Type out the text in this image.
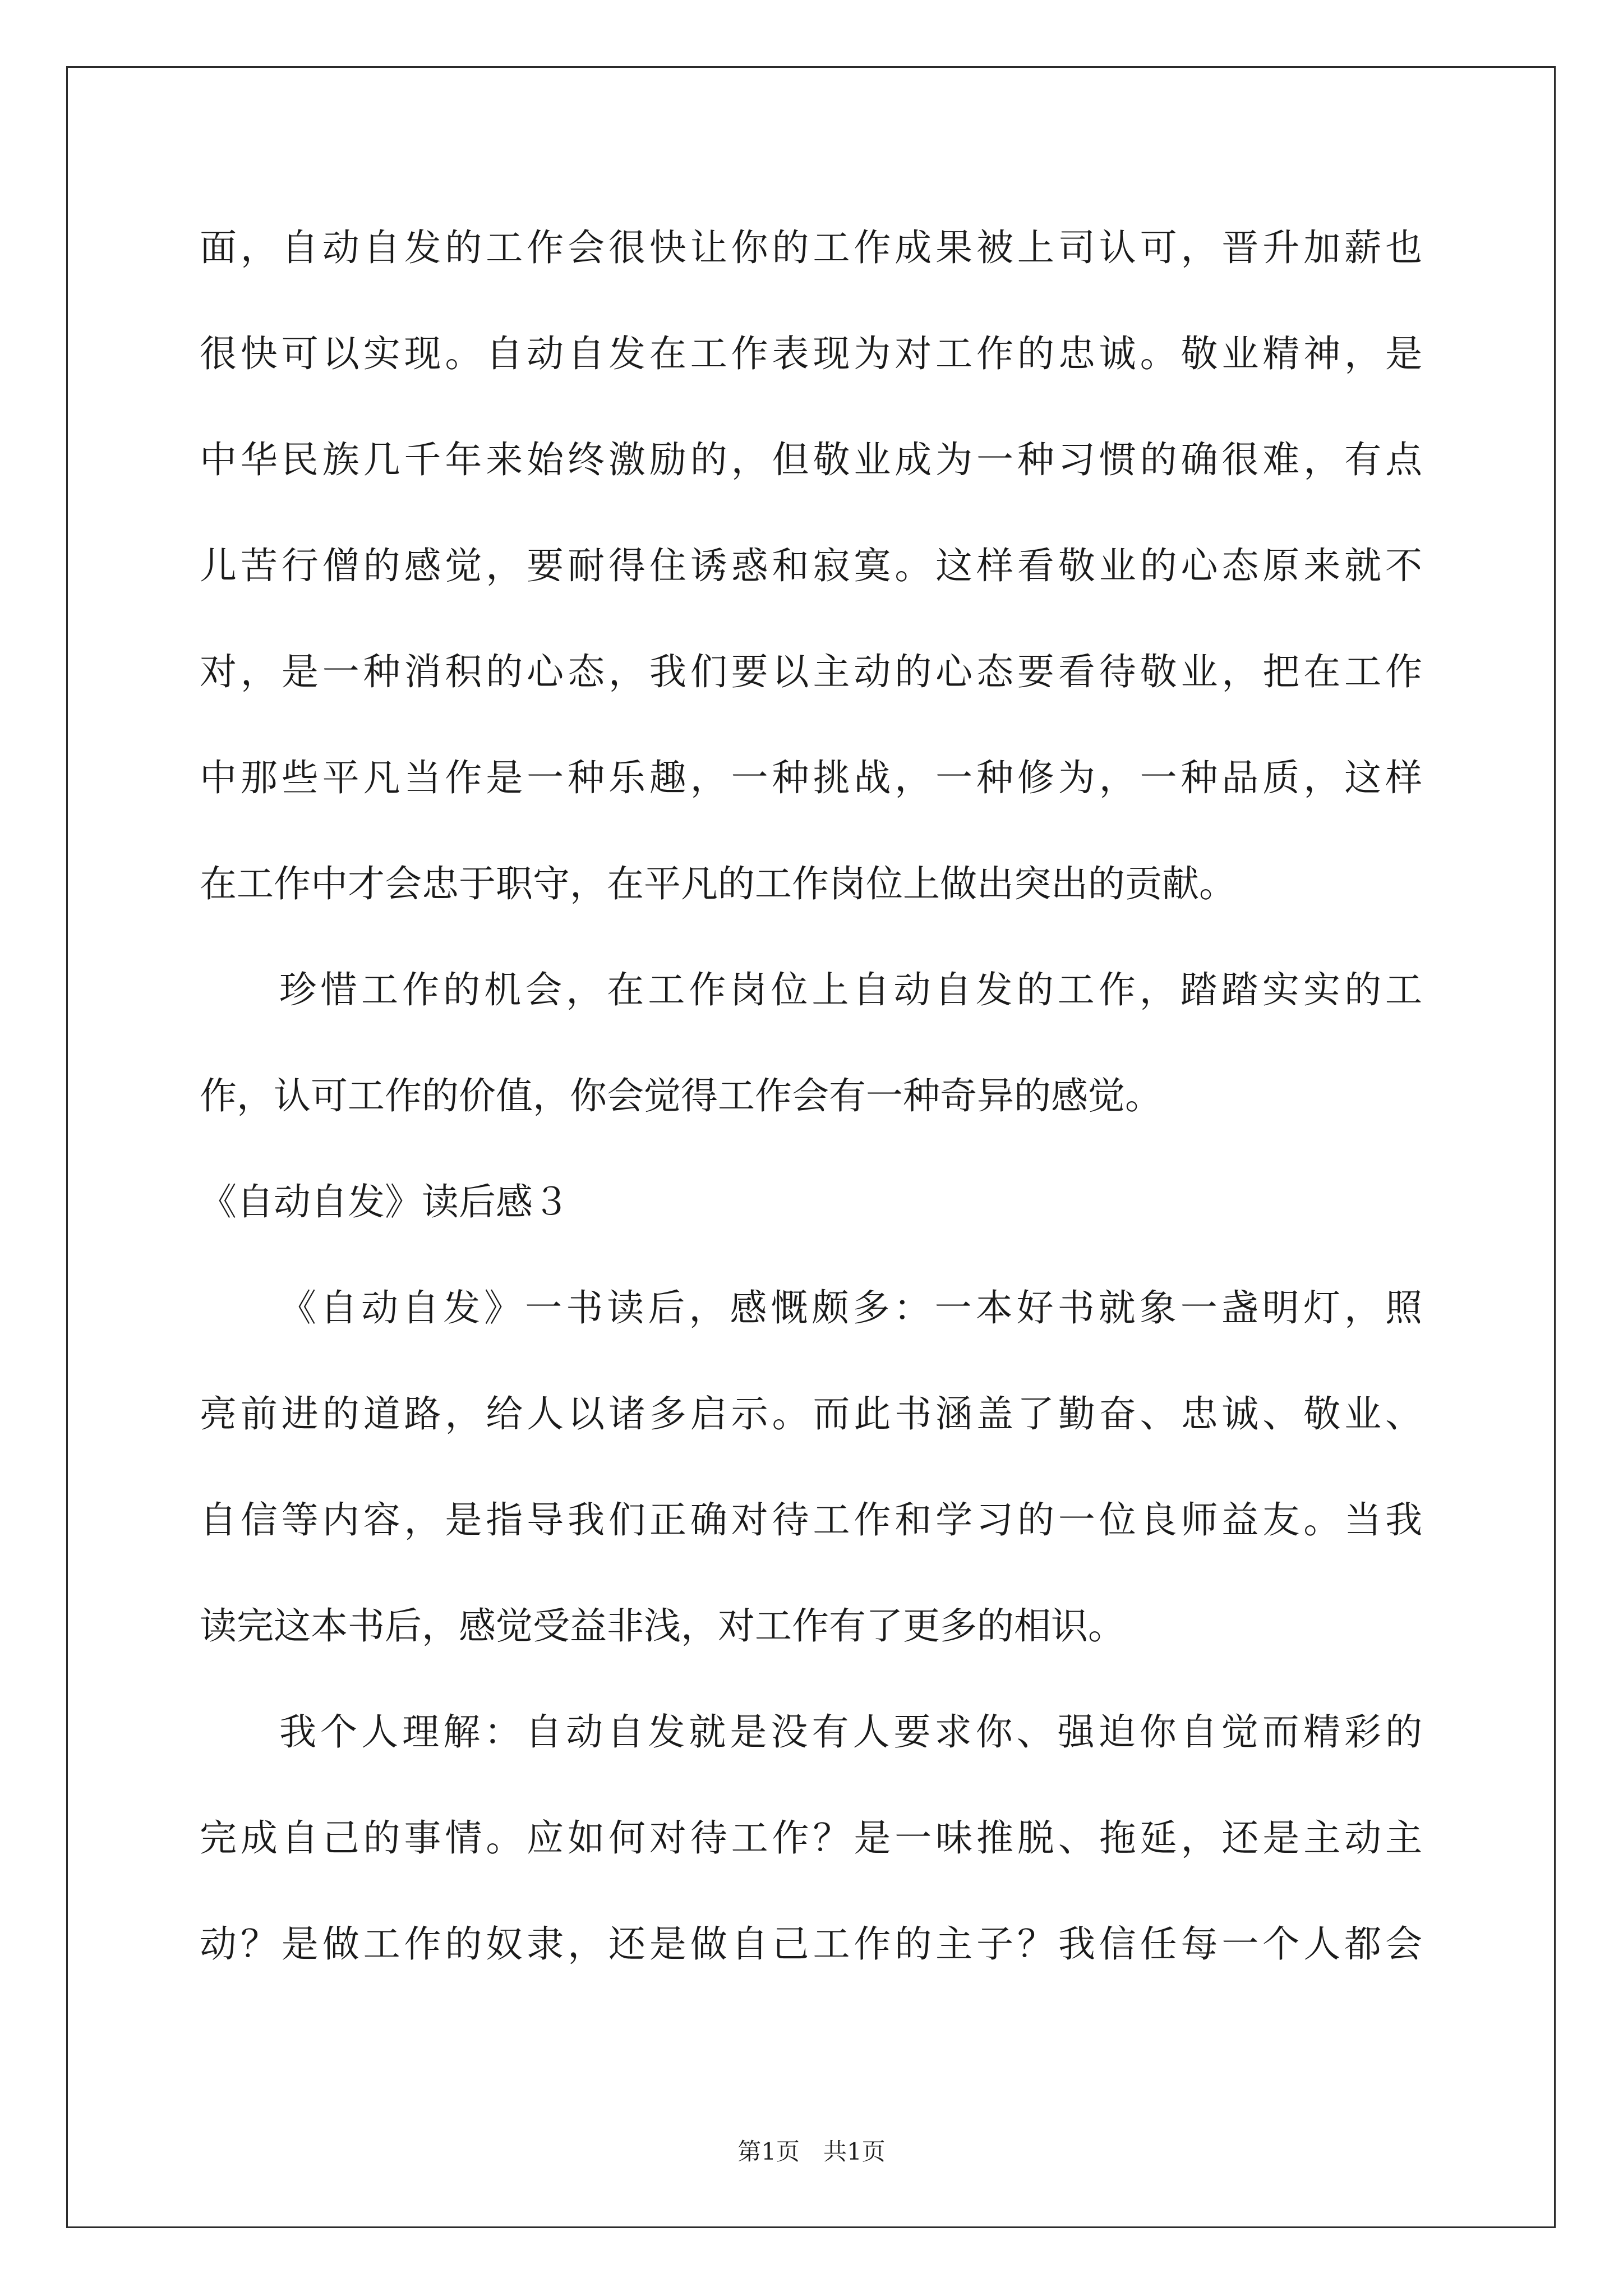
面，自动自发的工作会很快让你的工作成果被上司认可，晋升加薪也
很快可以实现。自动自发在工作表现为对工作的忠诚。敬业精神，是
中华民族几千年来始终激励的，但敬业成为一种习惯的确很难，有点
儿苦行僧的感觉，要耐得住诱惑和寂寞。这样看敬业的心态原来就不
对，是一种消积的心态，我们要以主动的心态要看待敬业，把在工作
中那些平凡当作是一种乐趣，一种挑战，一种修为，一种品质，这样
在工作中才会忠于职守，在平凡的工作岗位上做出突出的贡献。
珍惜工作的机会，在工作岗位上自动自发的工作，踏踏实实的工
作，认可工作的价值，你会觉得工作会有一种奇异的感觉。
《自动自发》读后感３
《自动自发》一书读后，感慨颇多：一本好书就象一盏明灯，照
亮前进的道路，给人以诸多启示。而此书涵盖了勤奋、忠诚、敬业、
自信等内容，是指导我们正确对待工作和学习的一位良师益友。当我
读完这本书后，感觉受益非浅，对工作有了更多的相识。
我个人理解：自动自发就是没有人要求你、强迫你自觉而精彩的
完成自己的事情。应如何对待工作？是一味推脱、拖延，还是主动主
动？是做工作的奴隶，还是做自己工作的主子？我信任每一个人都会
第1页　共1页
